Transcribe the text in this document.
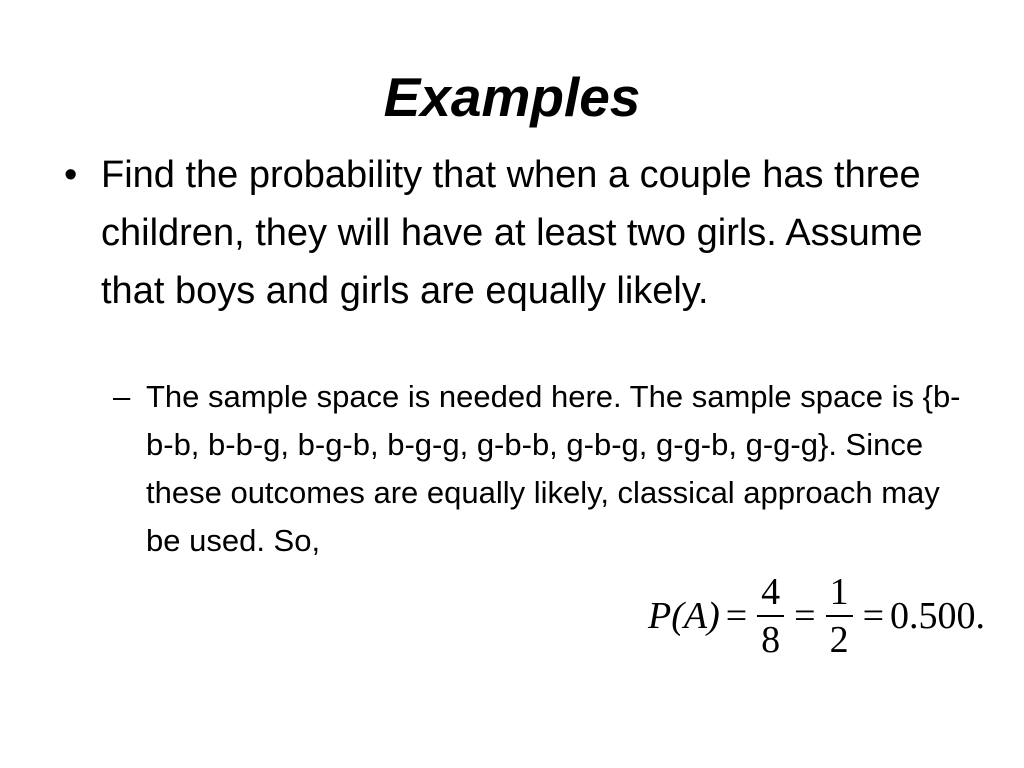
Examples
• Find the probability that when a couple has three children, they will have at least two girls. Assume that boys and girls are equally likely.
– The sample space is needed here. The sample space is {b-b-b, b-b-g, b-g-b, b-g-g, g-b-b, g-b-g, g-g-b, g-g-g}. Since these outcomes are equally likely, classical approach may be used. So,
$P(A) = \frac{4}{8} = \frac{1}{2} = 0.500$.
